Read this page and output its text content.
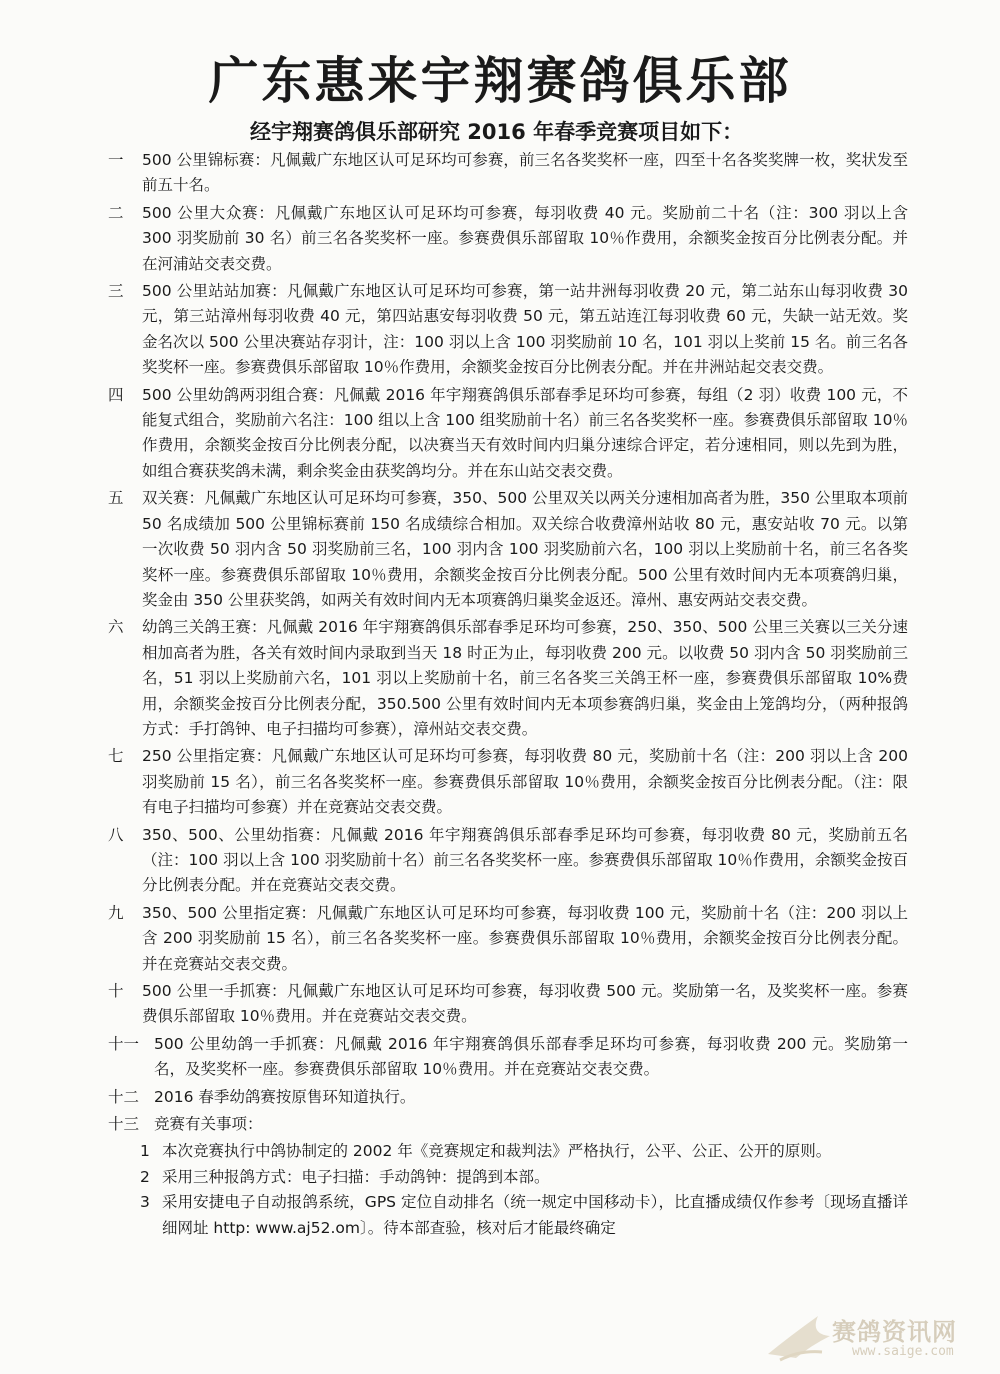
广东惠来宇翔赛鸽俱乐部
经宇翔赛鸽俱乐部研究 2016 年春季竞赛项目如下：
一	500 公里锦标赛：凡佩戴广东地区认可足环均可参赛，前三名各奖奖杯一座，四至十名各奖奖牌一枚，奖状发至前五十名。
二	500 公里大众赛：凡佩戴广东地区认可足环均可参赛，每羽收费 40 元。奖励前二十名（注：300 羽以上含 300 羽奖励前 30 名）前三名各奖奖杯一座。参赛费俱乐部留取 10％作费用，余额奖金按百分比例表分配。并在河浦站交表交费。
三	500 公里站站加赛：凡佩戴广东地区认可足环均可参赛，第一站井洲每羽收费 20 元，第二站东山每羽收费 30 元，第三站漳州每羽收费 40 元，第四站惠安每羽收费 50 元，第五站连江每羽收费 60 元，失缺一站无效。奖金名次以 500 公里决赛站存羽计，注：100 羽以上含 100 羽奖励前 10 名，101 羽以上奖前 15 名。前三名各奖奖杯一座。参赛费俱乐部留取 10％作费用，余额奖金按百分比例表分配。并在井洲站起交表交费。
四	500 公里幼鸽两羽组合赛：凡佩戴 2016 年宇翔赛鸽俱乐部春季足环均可参赛，每组（2 羽）收费 100 元，不能复式组合，奖励前六名注：100 组以上含 100 组奖励前十名）前三名各奖奖杯一座。参赛费俱乐部留取 10％作费用，余额奖金按百分比例表分配，以决赛当天有效时间内归巢分速综合评定，若分速相同，则以先到为胜，如组合赛获奖鸽未满，剩余奖金由获奖鸽均分。并在东山站交表交费。
五	双关赛：凡佩戴广东地区认可足环均可参赛，350、500 公里双关以两关分速相加高者为胜，350 公里取本项前 50 名成绩加 500 公里锦标赛前 150 名成绩综合相加。双关综合收费漳州站收 80 元，惠安站收 70 元。以第一次收费 50 羽内含 50 羽奖励前三名，100 羽内含 100 羽奖励前六名，100 羽以上奖励前十名，前三名各奖奖杯一座。参赛费俱乐部留取 10％费用，余额奖金按百分比例表分配。500 公里有效时间内无本项赛鸽归巢，奖金由 350 公里获奖鸽，如两关有效时间内无本项赛鸽归巢奖金返还。漳州、惠安两站交表交费。
六	幼鸽三关鸽王赛：凡佩戴 2016 年宇翔赛鸽俱乐部春季足环均可参赛，250、350、500 公里三关赛以三关分速相加高者为胜，各关有效时间内录取到当天 18 时正为止，每羽收费 200 元。以收费 50 羽内含 50 羽奖励前三名，51 羽以上奖励前六名，101 羽以上奖励前十名，前三名各奖三关鸽王杯一座，参赛费俱乐部留取 10%费用，余额奖金按百分比例表分配，350.500 公里有效时间内无本项参赛鸽归巢，奖金由上笼鸽均分，（两种报鸽方式：手打鸽钟、电子扫描均可参赛），漳州站交表交费。
七	250 公里指定赛：凡佩戴广东地区认可足环均可参赛，每羽收费 80 元，奖励前十名（注：200 羽以上含 200 羽奖励前 15 名），前三名各奖奖杯一座。参赛费俱乐部留取 10％费用，余额奖金按百分比例表分配。（注：限有电子扫描均可参赛）并在竞赛站交表交费。
八	350、500、公里幼指赛：凡佩戴 2016 年宇翔赛鸽俱乐部春季足环均可参赛，每羽收费 80 元，奖励前五名（注：100 羽以上含 100 羽奖励前十名）前三名各奖奖杯一座。参赛费俱乐部留取 10％作费用，余额奖金按百分比例表分配。并在竞赛站交表交费。
九	350、500 公里指定赛：凡佩戴广东地区认可足环均可参赛，每羽收费 100 元，奖励前十名（注：200 羽以上含 200 羽奖励前 15 名），前三名各奖奖杯一座。参赛费俱乐部留取 10％费用，余额奖金按百分比例表分配。并在竞赛站交表交费。
十	500 公里一手抓赛：凡佩戴广东地区认可足环均可参赛，每羽收费 500 元。奖励第一名，及奖奖杯一座。参赛费俱乐部留取 10％费用。并在竞赛站交表交费。
十一 500 公里幼鸽一手抓赛：凡佩戴 2016 年宇翔赛鸽俱乐部春季足环均可参赛，每羽收费 200 元。奖励第一名，及奖奖杯一座。参赛费俱乐部留取 10％费用。并在竞赛站交表交费。
十二 2016 春季幼鸽赛按原售环知道执行。
十三 竞赛有关事项：
1 本次竞赛执行中鸽协制定的 2002 年《竞赛规定和裁判法》严格执行，公平、公正、公开的原则。
2 采用三种报鸽方式：电子扫描：手动鸽钟：提鸽到本部。
3 采用安捷电子自动报鸽系统，GPS 定位自动排名（统一规定中国移动卡），比直播成绩仅作参考〔现场直播详细网址 http: www.aj52.om〕。待本部查验，核对后才能最终确定
赛鸽资讯网
www.saige.com
